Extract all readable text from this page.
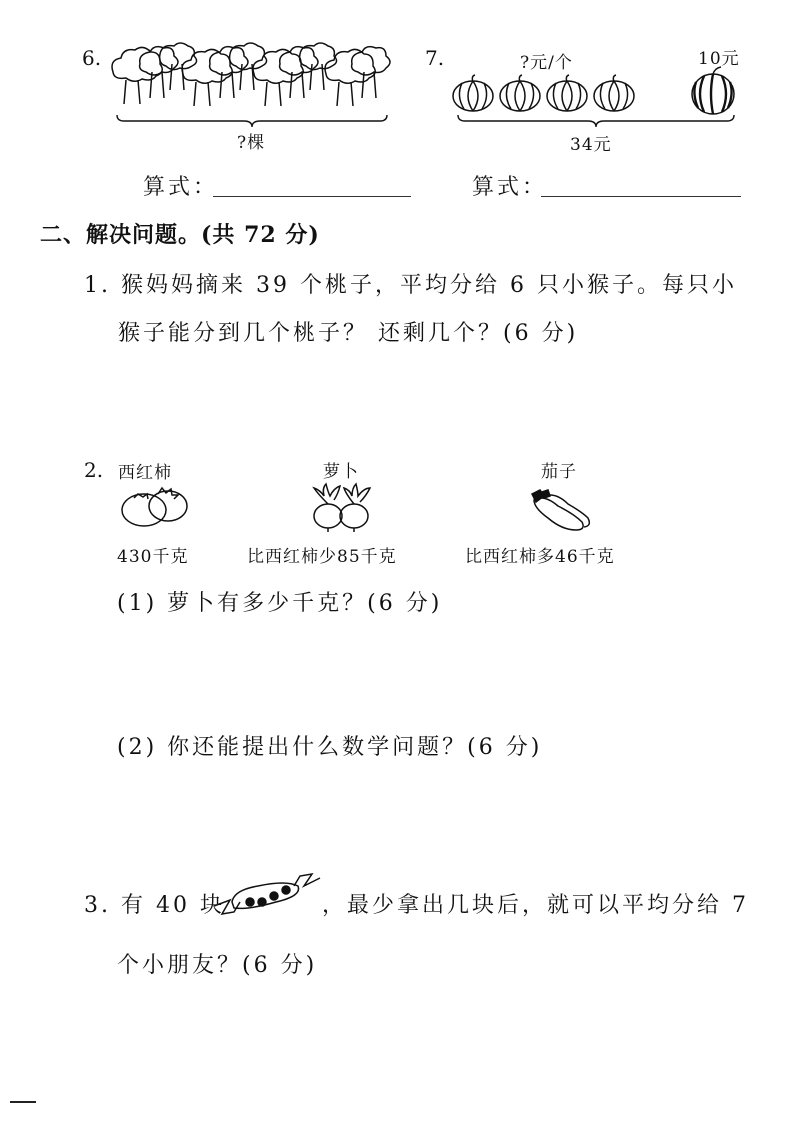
6.
?棵
算式：
7.	?元/个	10元
34元
算式：
二、解决问题。(共 72 分)
1. 猴妈妈摘来 39 个桃子，平均分给 6 只小猴子。每只小
猴子能分到几个桃子？ 还剩几个？(6 分)
2. 西红柿	萝卜	茄子
430千克	比西红柿少85千克	比西红柿多46千克
(1) 萝卜有多少千克？(6 分)
(2) 你还能提出什么数学问题？(6 分)
3. 有 40 块	，最少拿出几块后，就可以平均分给 7
个小朋友？(6 分)
